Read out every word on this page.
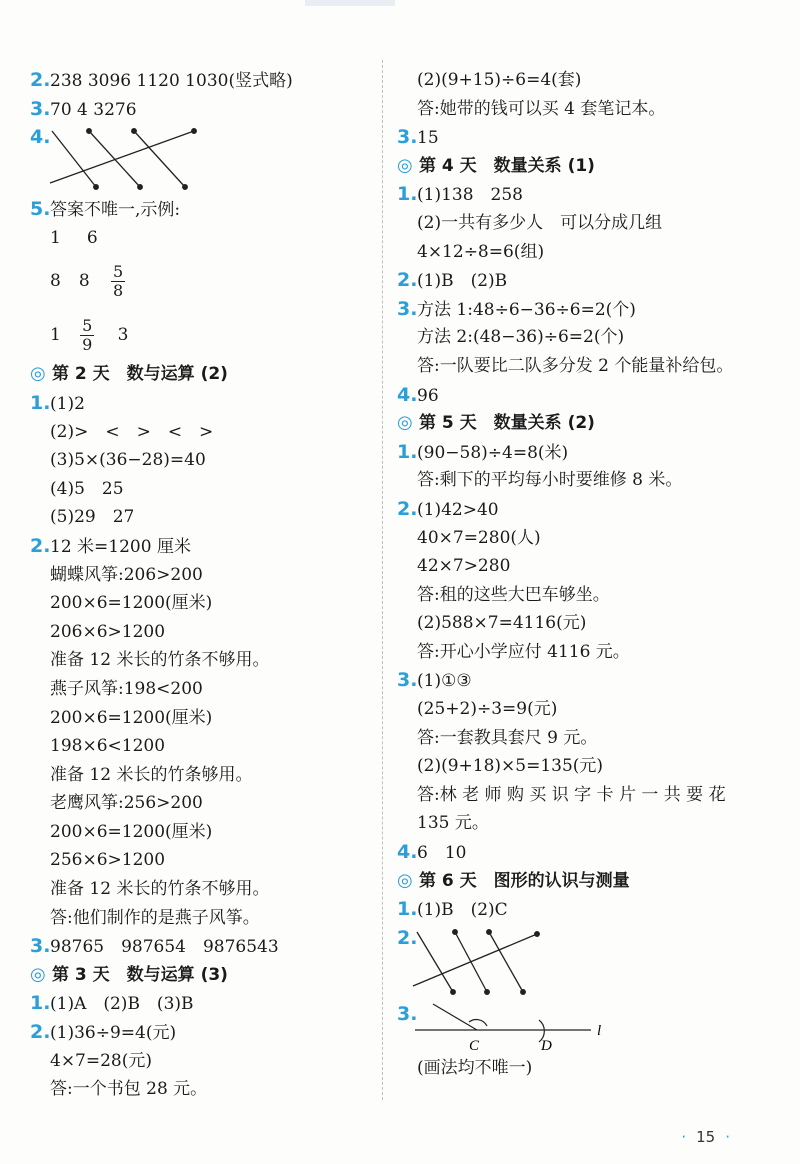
2.238 3096 1120 1030(竖式略)
3.70 4 3276
4.
5.答案不唯一,示例:
1 6
8 $8 \frac{5}{8}$
$1 \frac{5}{9} 3$
◎ 第 2 天　数与运算 (2)
1.(1)2
(2)>　<　>　<　>
(3)5×(36−28)=40
(4)5　25
(5)29　27
2.12 米=1200 厘米
蝴蝶风筝:206>200
200×6=1200(厘米)
206×6>1200
准备 12 米长的竹条不够用。
燕子风筝:198<200
200×6=1200(厘米)
198×6<1200
准备 12 米长的竹条够用。
老鹰风筝:256>200
200×6=1200(厘米)
256×6>1200
准备 12 米长的竹条不够用。
答:他们制作的是燕子风筝。
3.98765　987654　9876543
◎ 第 3 天　数与运算 (3)
1.(1)A　(2)B　(3)B
2.(1)36÷9=4(元)
4×7=28(元)
答:一个书包 28 元。
(2)(9+15)÷6=4(套)
答:她带的钱可以买 4 套笔记本。
3.15
◎ 第 4 天　数量关系 (1)
1.(1)138　258
(2)一共有多少人　可以分成几组
4×12÷8=6(组)
2.(1)B　(2)B
3.方法 1:48÷6−36÷6=2(个)
方法 2:(48−36)÷6=2(个)
答:一队要比二队多分发 2 个能量补给包。
4.96
◎ 第 5 天　数量关系 (2)
1.(90−58)÷4=8(米)
答:剩下的平均每小时要维修 8 米。
2.(1)42>40
40×7=280(人)
42×7>280
答:租的这些大巴车够坐。
(2)588×7=4116(元)
答:开心小学应付 4116 元。
3.(1)①③
(25+2)÷3=9(元)
答:一套教具套尺 9 元。
(2)(9+18)×5=135(元)
答:林 老 师 购 买 识 字 卡 片 一 共 要 花
135 元。
4.6　10
◎ 第 6 天　图形的认识与测量
1.(1)B　(2)C
2.
3.
C	D
l
(画法均不唯一)
· 15 ·
